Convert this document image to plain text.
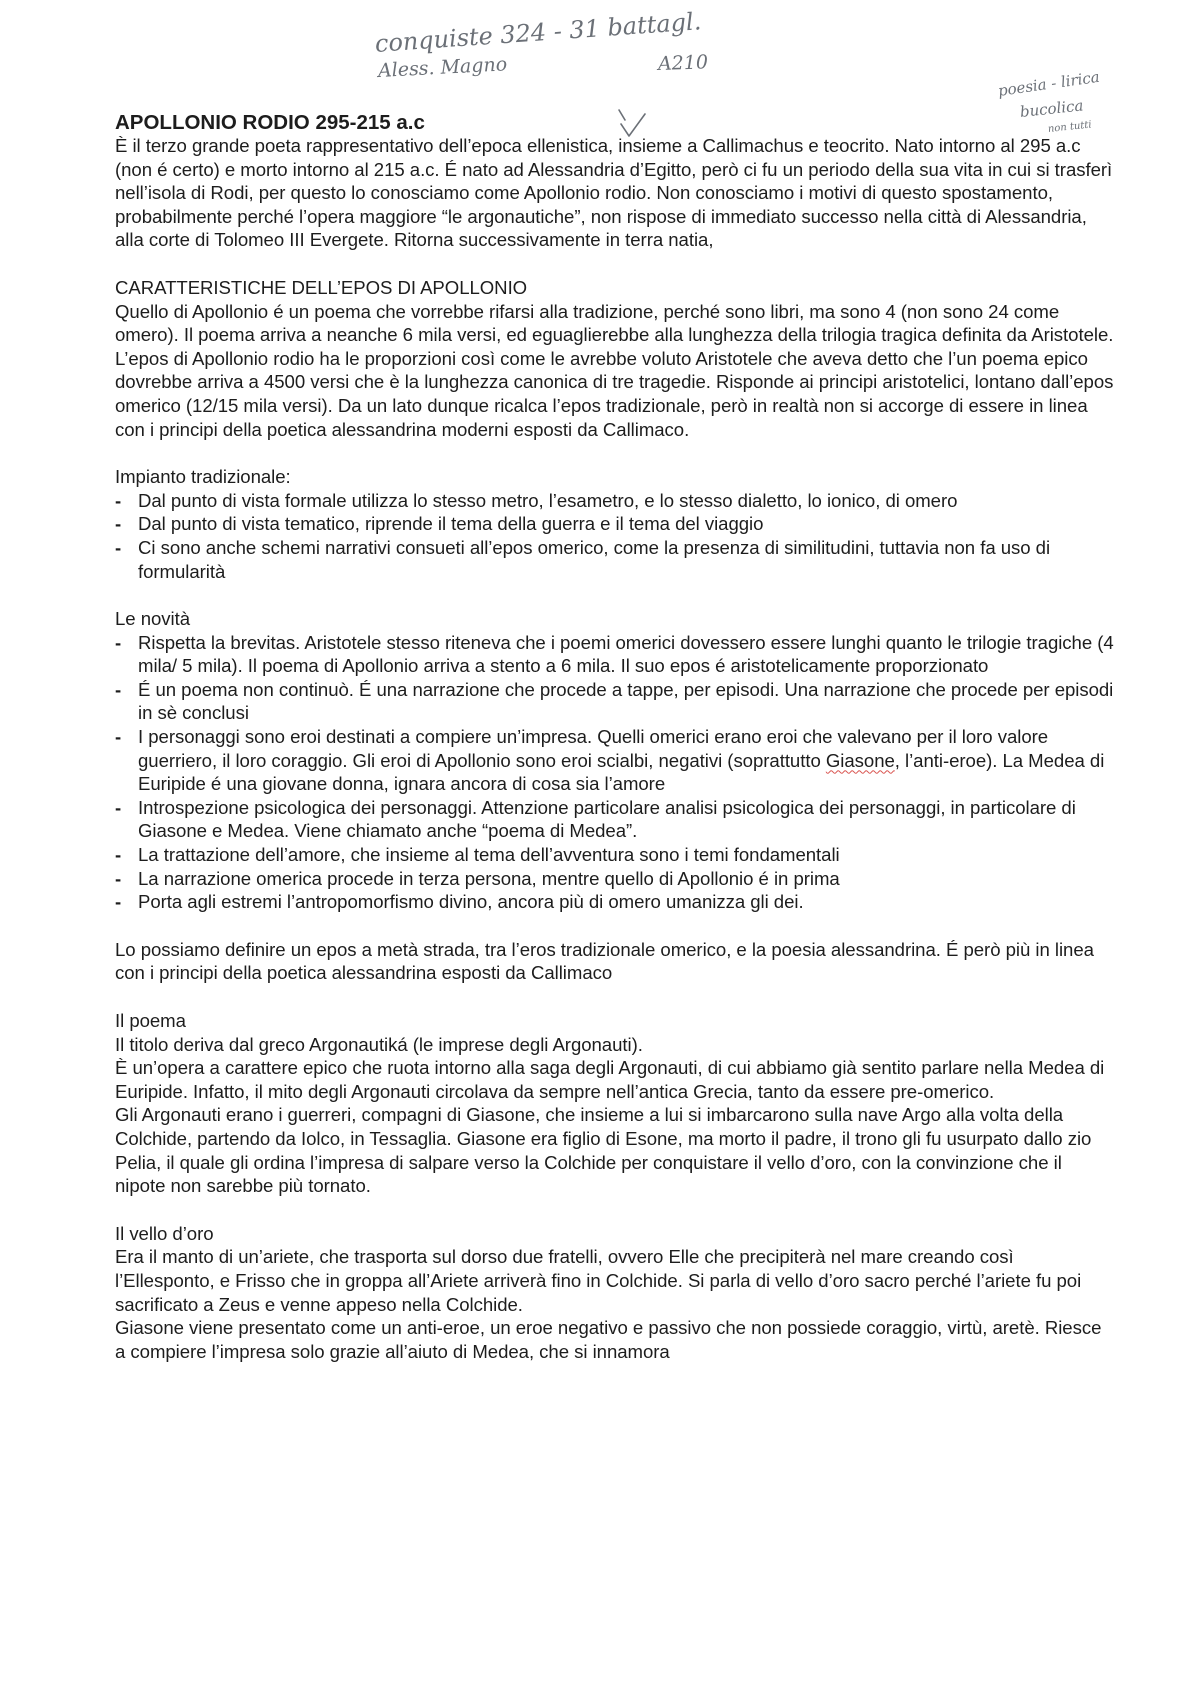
conquiste 324 - 31 battagl.
Aless. Magno	A210
poesia - lirica
bucolica
non tutti

APOLLONIO RODIO 295-215 a.c

È il terzo grande poeta rappresentativo dell’epoca ellenistica, insieme a Callimachus e teocrito. Nato intorno al 295 a.c (non é certo) e morto intorno al 215 a.c. É nato ad Alessandria d’Egitto, però ci fu un periodo della sua vita in cui si trasferì nell’isola di Rodi, per questo lo conosciamo come Apollonio rodio. Non conosciamo i motivi di questo spostamento, probabilmente perché l’opera maggiore “le argonautiche”, non rispose di immediato successo nella città di Alessandria, alla corte di Tolomeo III Evergete. Ritorna successivamente in terra natia,

CARATTERISTICHE DELL’EPOS DI APOLLONIO

Quello di Apollonio é un poema che vorrebbe rifarsi alla tradizione, perché sono libri, ma sono 4 (non sono 24 come omero). Il poema arriva a neanche 6 mila versi, ed eguaglierebbe alla lunghezza della trilogia tragica definita da Aristotele. L’epos di Apollonio rodio ha le proporzioni così come le avrebbe voluto Aristotele che aveva detto che l’un poema epico dovrebbe arriva a 4500 versi che è la lunghezza canonica di tre tragedie. Risponde ai principi aristotelici, lontano dall’epos omerico (12/15 mila versi). Da un lato dunque ricalca l’epos tradizionale, però in realtà non si accorge di essere in linea con i principi della poetica alessandrina moderni esposti da Callimaco.

Impianto tradizionale:

- Dal punto di vista formale utilizza lo stesso metro, l’esametro, e lo stesso dialetto, lo ionico, di omero
- Dal punto di vista tematico, riprende il tema della guerra e il tema del viaggio
- Ci sono anche schemi narrativi consueti all’epos omerico, come la presenza di similitudini, tuttavia non fa uso di formularità

Le novità

- Rispetta la brevitas. Aristotele stesso riteneva che i poemi omerici dovessero essere lunghi quanto le trilogie tragiche (4 mila/ 5 mila). Il poema di Apollonio arriva a stento a 6 mila. Il suo epos é aristotelicamente proporzionato
- É un poema non continuò. É una narrazione che procede a tappe, per episodi. Una narrazione che procede per episodi in sè conclusi
- I personaggi sono eroi destinati a compiere un’impresa. Quelli omerici erano eroi che valevano per il loro valore guerriero, il loro coraggio. Gli eroi di Apollonio sono eroi scialbi, negativi (soprattutto Giasone, l’anti-eroe). La Medea di Euripide é una giovane donna, ignara ancora di cosa sia l’amore
- Introspezione psicologica dei personaggi. Attenzione particolare analisi psicologica dei personaggi, in particolare di Giasone e Medea. Viene chiamato anche “poema di Medea”.
- La trattazione dell’amore, che insieme al tema dell’avventura sono i temi fondamentali
- La narrazione omerica procede in terza persona, mentre quello di Apollonio é in prima
- Porta agli estremi l’antropomorfismo divino, ancora più di omero umanizza gli dei.

Lo possiamo definire un epos a metà strada, tra l’eros tradizionale omerico, e la poesia alessandrina. É però più in linea con i principi della poetica alessandrina esposti da Callimaco

Il poema

Il titolo deriva dal greco Argonautiká (le imprese degli Argonauti).

È un’opera a carattere epico che ruota intorno alla saga degli Argonauti, di cui abbiamo già sentito parlare nella Medea di Euripide. Infatto, il mito degli Argonauti circolava da sempre nell’antica Grecia, tanto da essere pre-omerico.

Gli Argonauti erano i guerreri, compagni di Giasone, che insieme a lui si imbarcarono sulla nave Argo alla volta della Colchide, partendo da Iolco, in Tessaglia. Giasone era figlio di Esone, ma morto il padre, il trono gli fu usurpato dallo zio Pelia, il quale gli ordina l’impresa di salpare verso la Colchide per conquistare il vello d’oro, con la convinzione che il nipote non sarebbe più tornato.

Il vello d’oro

Era il manto di un’ariete, che trasporta sul dorso due fratelli, ovvero Elle che precipiterà nel mare creando così l’Ellesponto, e Frisso che in groppa all’Ariete arriverà fino in Colchide. Si parla di vello d’oro sacro perché l’ariete fu poi sacrificato a Zeus e venne appeso nella Colchide.

Giasone viene presentato come un anti-eroe, un eroe negativo e passivo che non possiede coraggio, virtù, aretè. Riesce a compiere l’impresa solo grazie all’aiuto di Medea, che si innamora
